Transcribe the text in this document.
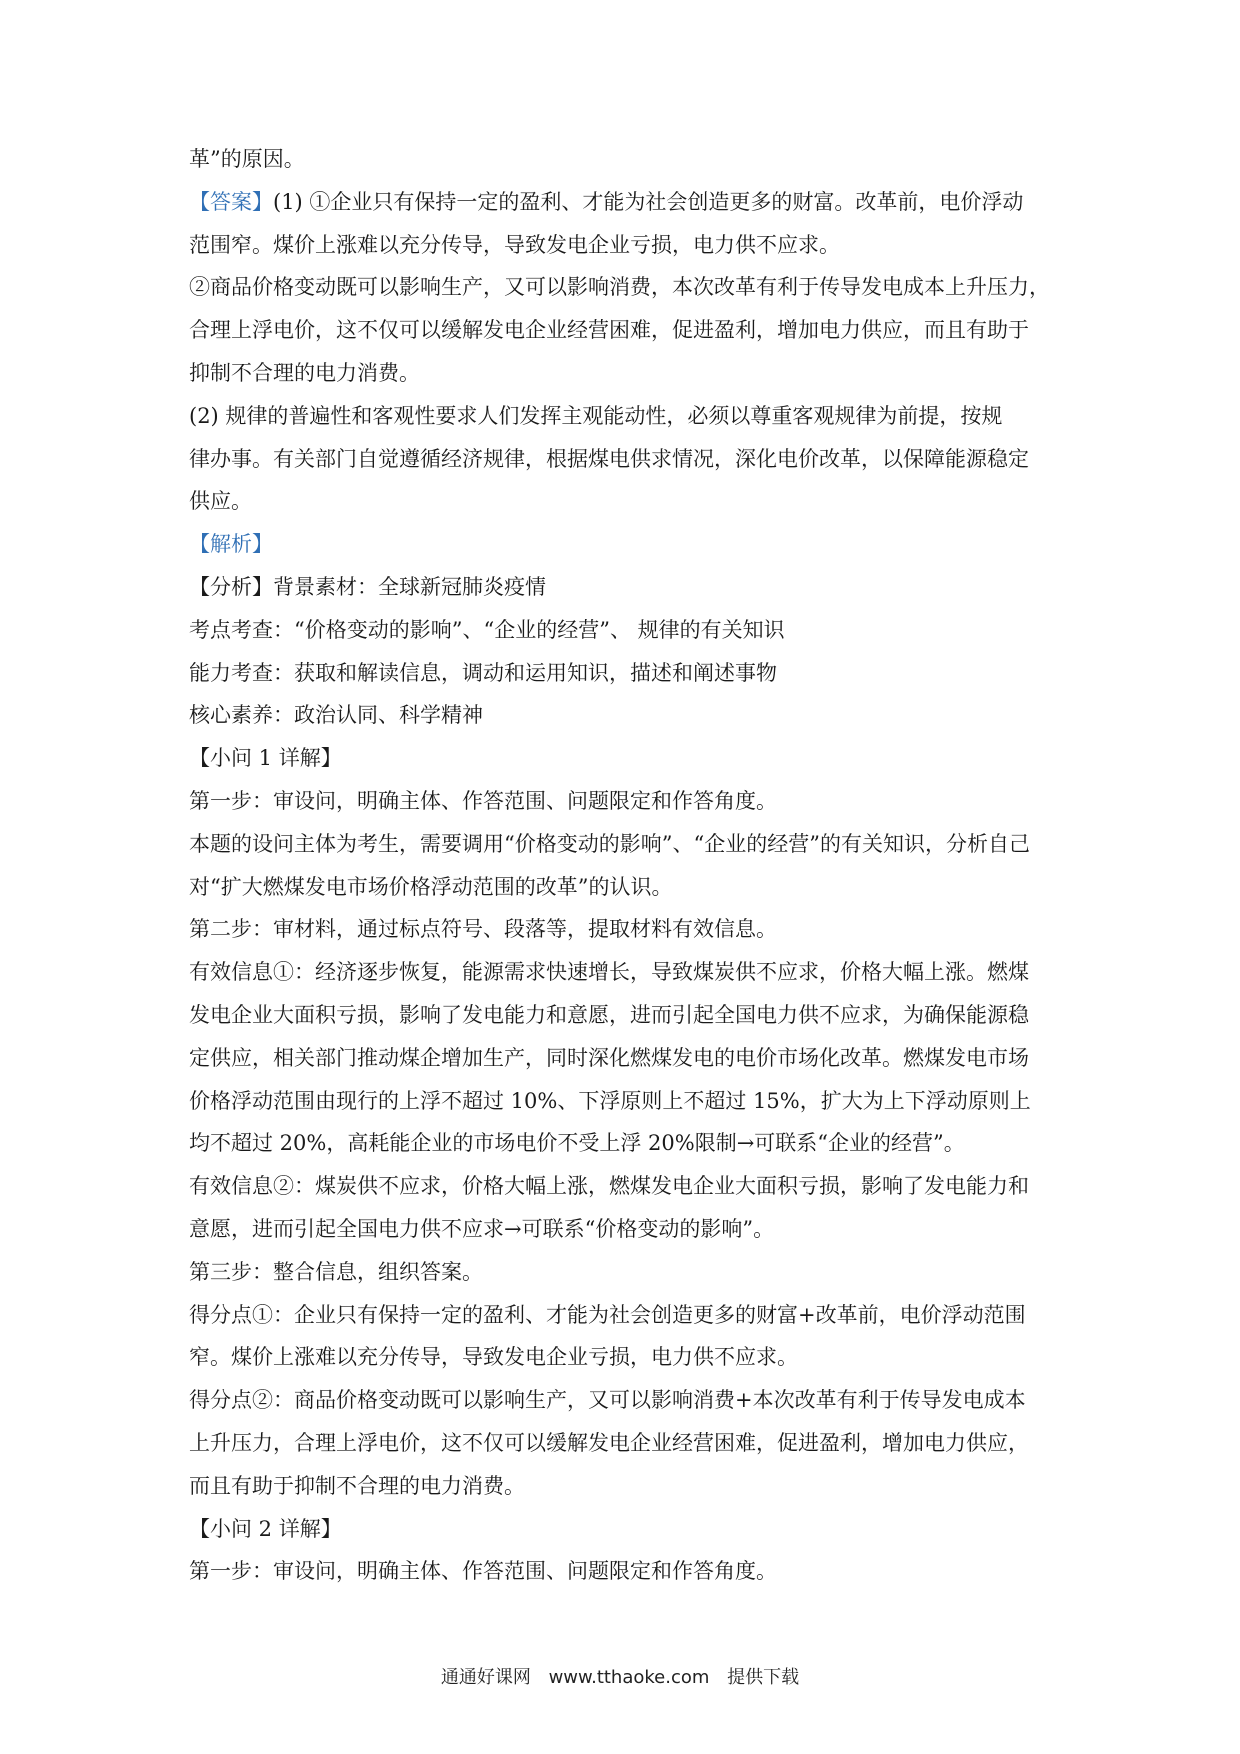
革”的原因。
【答案】(1) ①企业只有保持一定的盈利、才能为社会创造更多的财富。改革前，电价浮动
范围窄。煤价上涨难以充分传导，导致发电企业亏损，电力供不应求。
②商品价格变动既可以影响生产，又可以影响消费，本次改革有利于传导发电成本上升压力，
合理上浮电价，这不仅可以缓解发电企业经营困难，促进盈利，增加电力供应，而且有助于
抑制不合理的电力消费。
(2) 规律的普遍性和客观性要求人们发挥主观能动性，必须以尊重客观规律为前提，按规
律办事。有关部门自觉遵循经济规律，根据煤电供求情况，深化电价改革，以保障能源稳定
供应。
【解析】
【分析】背景素材：全球新冠肺炎疫情
考点考查：“价格变动的影响”、“企业的经营”、 规律的有关知识
能力考查：获取和解读信息，调动和运用知识，描述和阐述事物
核心素养：政治认同、科学精神
【小问 1 详解】
第一步：审设问，明确主体、作答范围、问题限定和作答角度。
本题的设问主体为考生，需要调用“价格变动的影响”、“企业的经营”的有关知识，分析自己
对“扩大燃煤发电市场价格浮动范围的改革”的认识。
第二步：审材料，通过标点符号、段落等，提取材料有效信息。
有效信息①：经济逐步恢复，能源需求快速增长，导致煤炭供不应求，价格大幅上涨。燃煤
发电企业大面积亏损，影响了发电能力和意愿，进而引起全国电力供不应求，为确保能源稳
定供应，相关部门推动煤企增加生产，同时深化燃煤发电的电价市场化改革。燃煤发电市场
价格浮动范围由现行的上浮不超过 10%、下浮原则上不超过 15%，扩大为上下浮动原则上
均不超过 20%，高耗能企业的市场电价不受上浮 20%限制→可联系“企业的经营”。
有效信息②：煤炭供不应求，价格大幅上涨，燃煤发电企业大面积亏损，影响了发电能力和
意愿，进而引起全国电力供不应求→可联系“价格变动的影响”。
第三步：整合信息，组织答案。
得分点①：企业只有保持一定的盈利、才能为社会创造更多的财富+改革前，电价浮动范围
窄。煤价上涨难以充分传导，导致发电企业亏损，电力供不应求。
得分点②：商品价格变动既可以影响生产，又可以影响消费+本次改革有利于传导发电成本
上升压力，合理上浮电价，这不仅可以缓解发电企业经营困难，促进盈利，增加电力供应，
而且有助于抑制不合理的电力消费。
【小问 2 详解】
第一步：审设问，明确主体、作答范围、问题限定和作答角度。
通通好课网 www.tthaoke.com 提供下载
